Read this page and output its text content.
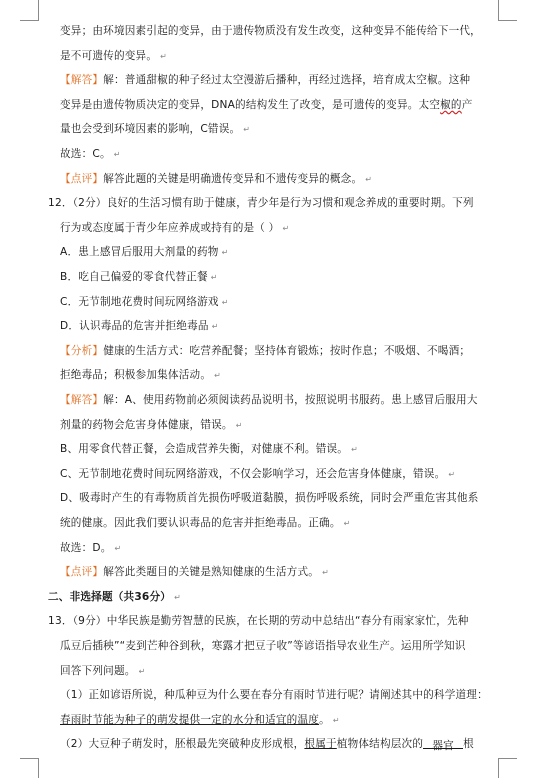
变异；由环境因素引起的变异，由于遗传物质没有发生改变，这种变异不能传给下一代，
是不可遗传的变异。 ↵
【解答】解：普通甜椒的种子经过太空漫游后播种，再经过选择，培育成太空椒。这种
变异是由遗传物质决定的变异，DNA的结构发生了改变，是可遗传的变异。太空椒的产
量也会受到环境因素的影响，C错误。 ↵
故选：C。 ↵
【点评】解答此题的关键是明确遗传变异和不遗传变异的概念。 ↵
12．（2分）良好的生活习惯有助于健康，青少年是行为习惯和观念养成的重要时期。下列
行为或态度属于青少年应养成或持有的是（ ） ↵
A．患上感冒后服用大剂量的药物 ↵
B．吃自己偏爱的零食代替正餐 ↵
C．无节制地花费时间玩网络游戏 ↵
D．认识毒品的危害并拒绝毒品 ↵
【分析】健康的生活方式：吃营养配餐；坚持体育锻炼；按时作息；不吸烟、不喝酒；
拒绝毒品；积极参加集体活动。 ↵
【解答】解：A、使用药物前必须阅读药品说明书，按照说明书服药。患上感冒后服用大
剂量的药物会危害身体健康，错误。 ↵
B、用零食代替正餐，会造成营养失衡，对健康不利。错误。 ↵
C、无节制地花费时间玩网络游戏，不仅会影响学习，还会危害身体健康，错误。 ↵
D、吸毒时产生的有毒物质首先损伤呼吸道黏膜，损伤呼吸系统，同时会严重危害其他系
统的健康。因此我们要认识毒品的危害并拒绝毒品。正确。 ↵
故选：D。 ↵
【点评】解答此类题目的关键是熟知健康的生活方式。 ↵
二、非选择题（共36分） ↵
13．（9分）中华民族是勤劳智慧的民族，在长期的劳动中总结出“春分有雨家家忙，先种
瓜豆后插秧”“麦到芒种谷到秋，寒露才把豆子收”等谚语指导农业生产。运用所学知识
回答下列问题。 ↵
（1）正如谚语所说，种瓜种豆为什么要在春分有雨时节进行呢？请阐述其中的科学道理：
春雨时节能为种子的萌发提供一定的水分和适宜的温度。 ↵
（2）大豆种子萌发时，胚根最先突破种皮形成根，根属于植物体结构层次的 器官 根
